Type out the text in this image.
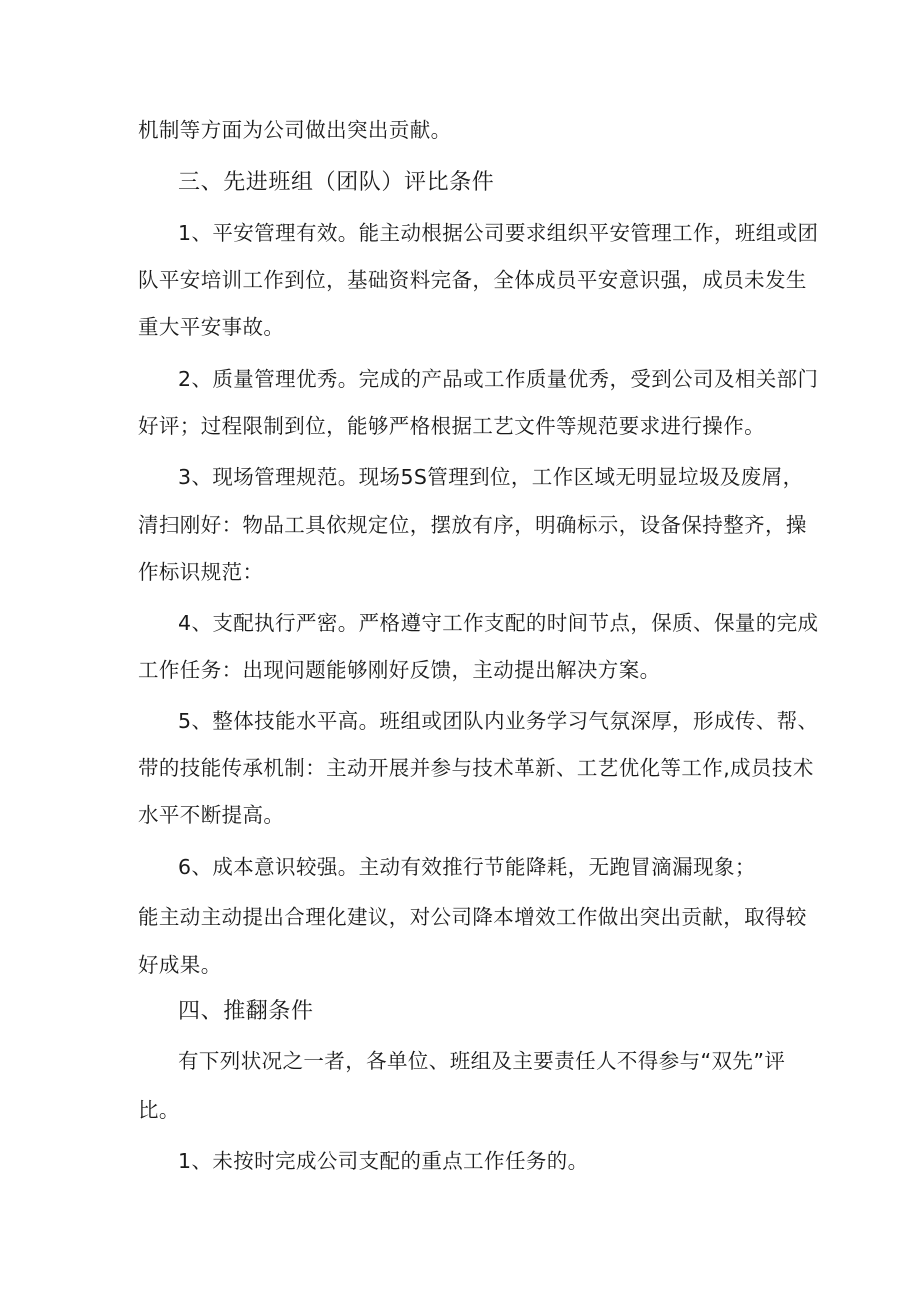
机制等方面为公司做出突出贡献。
三、先进班组（团队）评比条件
1、平安管理有效。能主动根据公司要求组织平安管理工作，班组或团
队平安培训工作到位，基础资料完备，全体成员平安意识强，成员未发生
重大平安事故。
2、质量管理优秀。完成的产品或工作质量优秀，受到公司及相关部门
好评；过程限制到位，能够严格根据工艺文件等规范要求进行操作。
3、现场管理规范。现场5S管理到位，工作区域无明显垃圾及废屑，
清扫刚好：物品工具依规定位，摆放有序，明确标示，设备保持整齐，操
作标识规范：
4、支配执行严密。严格遵守工作支配的时间节点，保质、保量的完成
工作任务：出现问题能够刚好反馈，主动提出解决方案。
5、整体技能水平高。班组或团队内业务学习气氛深厚，形成传、帮、
带的技能传承机制：主动开展并参与技术革新、工艺优化等工作,成员技术
水平不断提高。
6、成本意识较强。主动有效推行节能降耗，无跑冒滴漏现象；
能主动主动提出合理化建议，对公司降本增效工作做出突出贡献，取得较
好成果。
四、推翻条件
有下列状况之一者，各单位、班组及主要责任人不得参与“双先”评
比。
1、未按时完成公司支配的重点工作任务的。
